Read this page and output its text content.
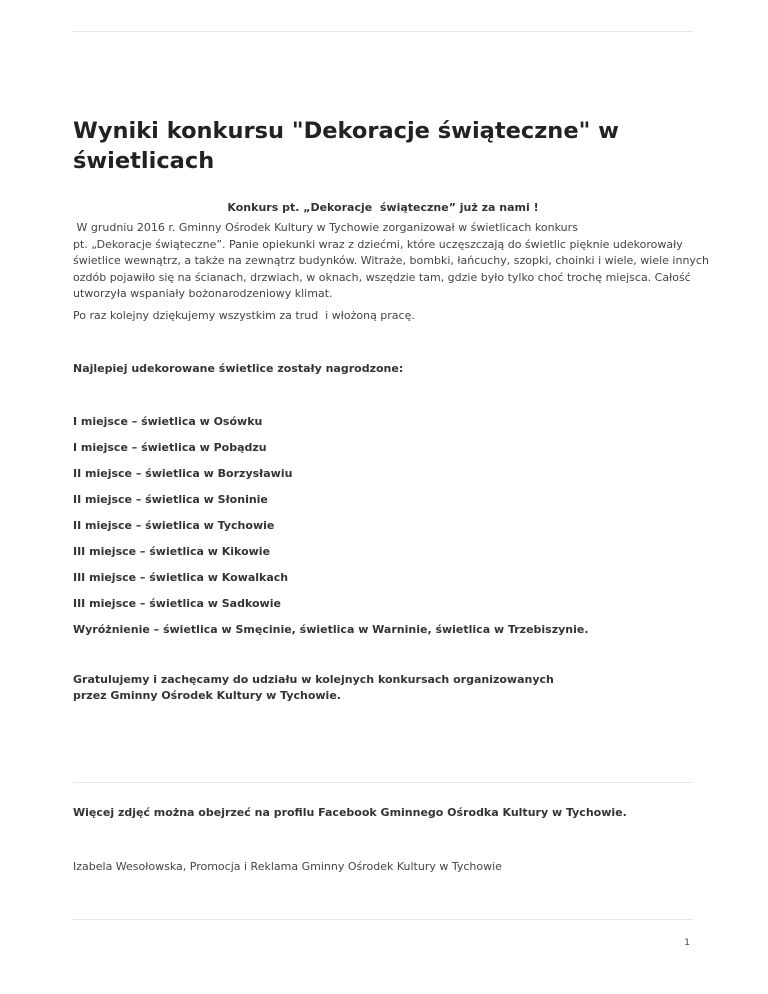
Wyniki konkursu "Dekoracje świąteczne" w
świetlicach
Konkurs pt. „Dekoracje  świąteczne” już za nami !
W grudniu 2016 r. Gminny Ośrodek Kultury w Tychowie zorganizował w świetlicach konkurs
pt. „Dekoracje świąteczne”. Panie opiekunki wraz z dziećmi, które uczęszczają do świetlic pięknie udekorowały
świetlice wewnątrz, a także na zewnątrz budynków. Witraże, bombki, łańcuchy, szopki, choinki i wiele, wiele innych
ozdób pojawiło się na ścianach, drzwiach, w oknach, wszędzie tam, gdzie było tylko choć trochę miejsca. Całość
utworzyła wspaniały bożonarodzeniowy klimat.
Po raz kolejny dziękujemy wszystkim za trud  i włożoną pracę.
Najlepiej udekorowane świetlice zostały nagrodzone:
I miejsce – świetlica w Osówku
I miejsce – świetlica w Pobądzu
II miejsce – świetlica w Borzysławiu
II miejsce – świetlica w Słoninie
II miejsce – świetlica w Tychowie
III miejsce – świetlica w Kikowie
III miejsce – świetlica w Kowalkach
III miejsce – świetlica w Sadkowie
Wyróżnienie – świetlica w Smęcinie, świetlica w Warninie, świetlica w Trzebiszynie.
Gratulujemy i zachęcamy do udziału w kolejnych konkursach organizowanych
przez Gminny Ośrodek Kultury w Tychowie.
Więcej zdjęć można obejrzeć na profilu Facebook Gminnego Ośrodka Kultury w Tychowie.
Izabela Wesołowska, Promocja i Reklama Gminny Ośrodek Kultury w Tychowie
1
